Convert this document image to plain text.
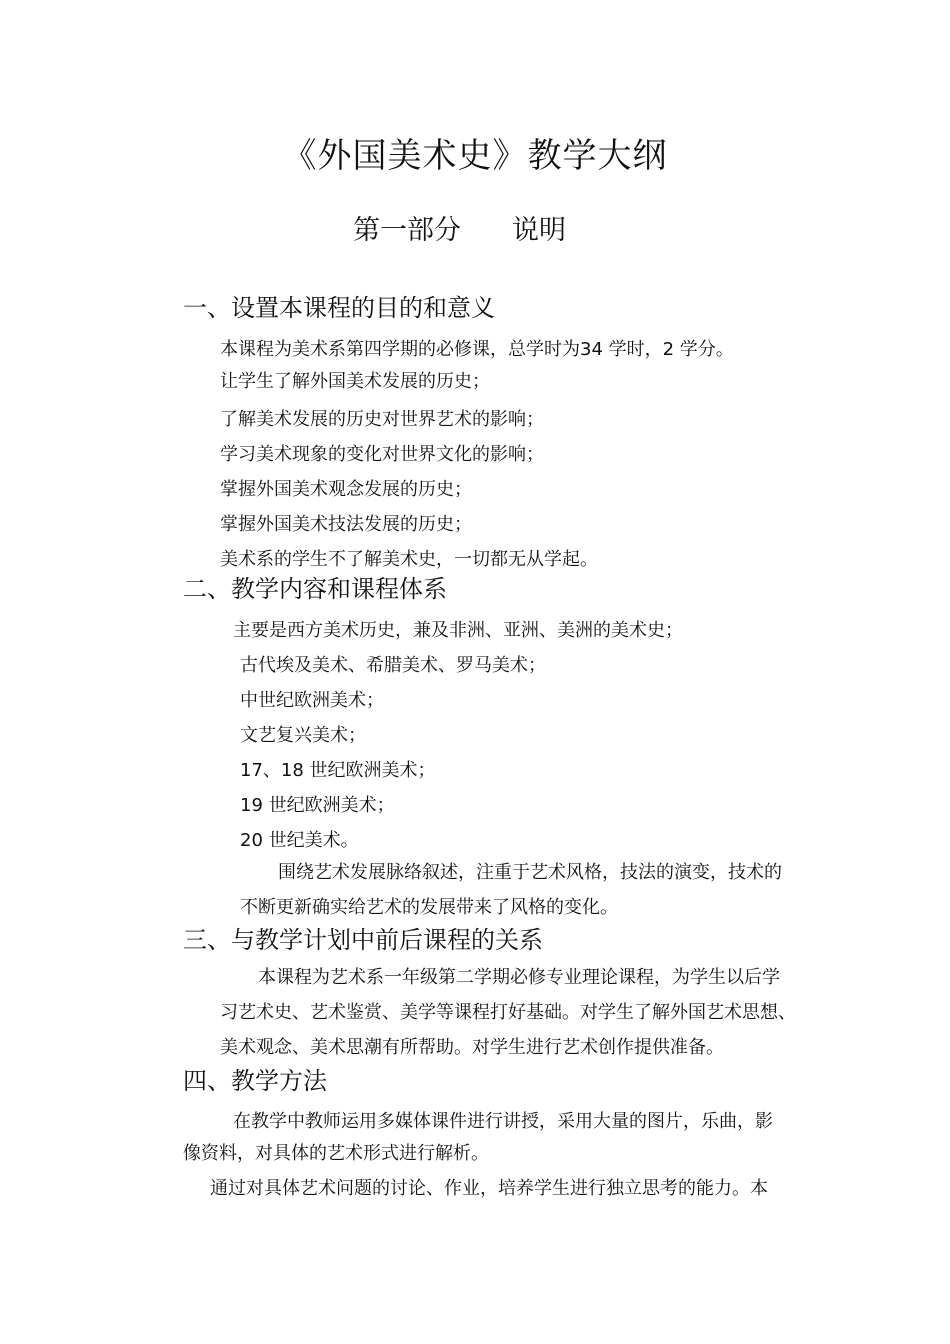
《外国美术史》教学大纲
第一部分 说明
一、设置本课程的目的和意义
本课程为美术系第四学期的必修课，总学时为34 学时，2 学分。
让学生了解外国美术发展的历史；
了解美术发展的历史对世界艺术的影响；
学习美术现象的变化对世界文化的影响；
掌握外国美术观念发展的历史；
掌握外国美术技法发展的历史；
美术系的学生不了解美术史，一切都无从学起。
二、教学内容和课程体系
主要是西方美术历史，兼及非洲、亚洲、美洲的美术史；
古代埃及美术、希腊美术、罗马美术；
中世纪欧洲美术；
文艺复兴美术；
17、18 世纪欧洲美术；
19 世纪欧洲美术；
20 世纪美术。
围绕艺术发展脉络叙述，注重于艺术风格，技法的演变，技术的
不断更新确实给艺术的发展带来了风格的变化。
三、与教学计划中前后课程的关系
本课程为艺术系一年级第二学期必修专业理论课程，为学生以后学
习艺术史、艺术鉴赏、美学等课程打好基础。对学生了解外国艺术思想、
美术观念、美术思潮有所帮助。对学生进行艺术创作提供准备。
四、教学方法
在教学中教师运用多媒体课件进行讲授，采用大量的图片，乐曲，影
像资料，对具体的艺术形式进行解析。
通过对具体艺术问题的讨论、作业，培养学生进行独立思考的能力。本
